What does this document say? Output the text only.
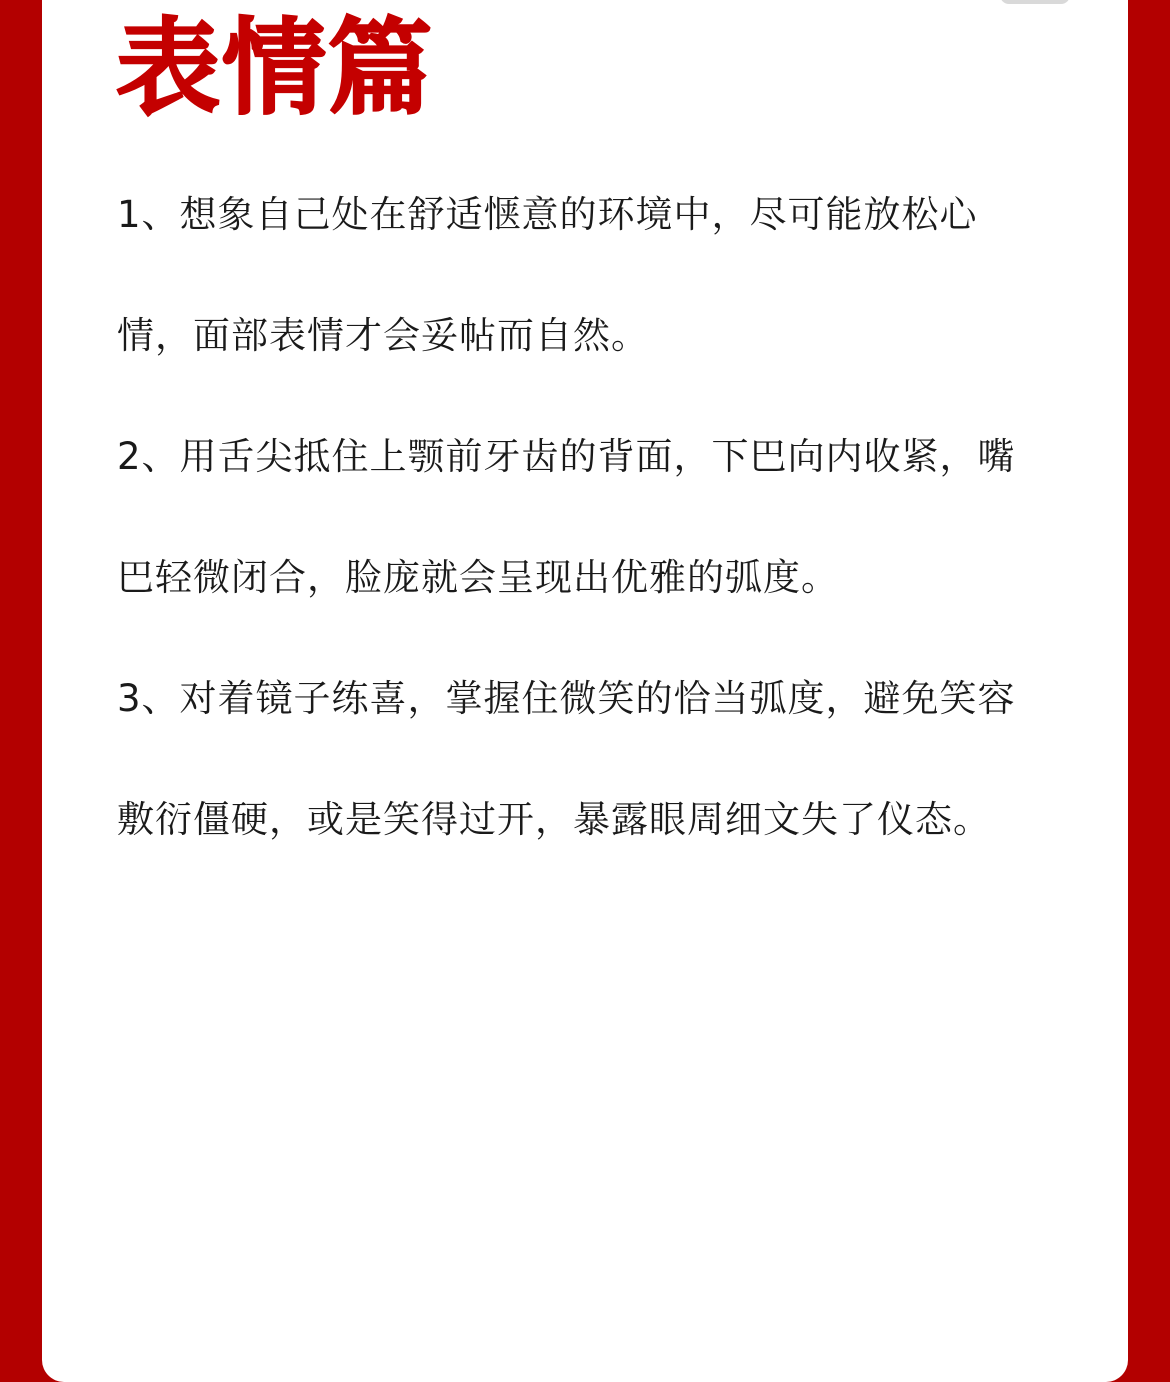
表情篇

1、想象自己处在舒适惬意的环境中，尽可能放松心情，面部表情才会妥帖而自然。

2、用舌尖抵住上颚前牙齿的背面，下巴向内收紧，嘴巴轻微闭合，脸庞就会呈现出优雅的弧度。

3、对着镜子练喜，掌握住微笑的恰当弧度，避免笑容敷衍僵硬，或是笑得过开，暴露眼周细文失了仪态。
